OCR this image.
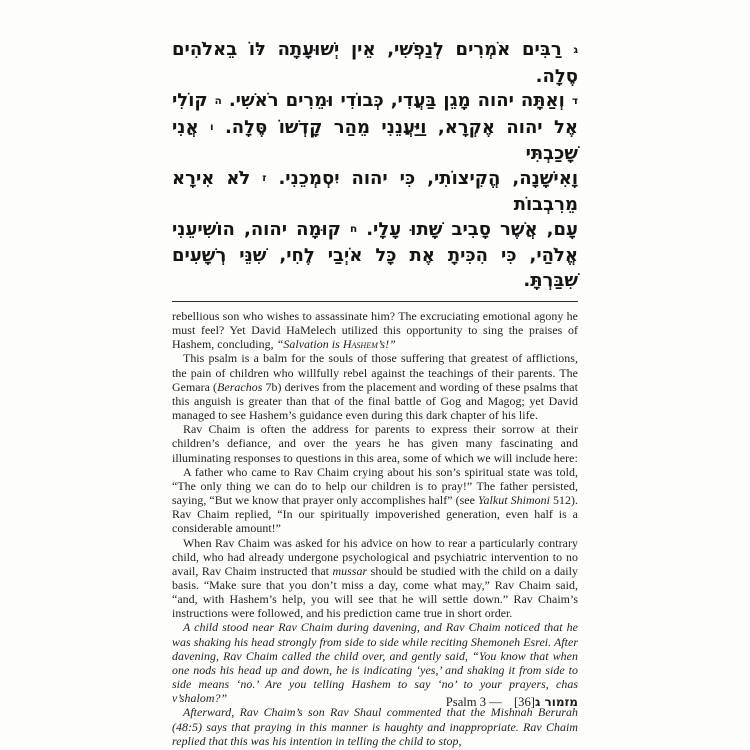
ג רַבִּים אֹמְרִים לְנַפְשִׁי, אֵין יְשׁוּעָתָה לּוֹ בֵאלֹהִים סֶלָה.
ד וְאַתָּה יהוה מָגֵן בַּעֲדִי, כְּבוֹדִי וּמֵרִים רֹאשִׁי. ה קוֹלִי
אֶל יהוה אֶקְרָא, וַיַּעֲנֵנִי מֵהַר קָדְשׁוֹ סֶּלָה. ו אֲנִי שָׁכַבְתִּי
וָאִישָׁנָה, הֱקִיצוֹתִי, כִּי יהוה יִסְמְכֵנִי. ז לֹא אִירָא מֵרִבְבוֹת
עָם, אֲשֶׁר סָבִיב שָׁתוּ עָלָי. ח קוּמָה יהוה, הוֹשִׁיעֵנִי
אֱלֹהַי, כִּי הִכִּיתָ אֶת כָּל אֹיְבַי לֶחִי, שִׁנֵּי רְשָׁעִים שִׁבַּרְתָּ.
rebellious son who wishes to assassinate him? The excruciating emotional agony he must feel? Yet David HaMelech utilized this opportunity to sing the praises of Hashem, concluding, “Salvation is Hashem’s!”
This psalm is a balm for the souls of those suffering that greatest of afflictions, the pain of children who willfully rebel against the teachings of their parents. The Gemara (Berachos 7b) derives from the placement and wording of these psalms that this anguish is greater than that of the final battle of Gog and Magog; yet David managed to see Hashem’s guidance even during this dark chapter of his life.
Rav Chaim is often the address for parents to express their sorrow at their children’s defiance, and over the years he has given many fascinating and illuminating responses to questions in this area, some of which we will include here:
A father who came to Rav Chaim crying about his son’s spiritual state was told, “The only thing we can do to help our children is to pray!” The father persisted, saying, “But we know that prayer only accomplishes half” (see Yalkut Shimoni 512). Rav Chaim replied, “In our spiritually impoverished generation, even half is a considerable amount!”
When Rav Chaim was asked for his advice on how to rear a particularly contrary child, who had already undergone psychological and psychiatric intervention to no avail, Rav Chaim instructed that mussar should be studied with the child on a daily basis. “Make sure that you don’t miss a day, come what may,” Rav Chaim said, “and, with Hashem’s help, you will see that he will settle down.” Rav Chaim’s instructions were followed, and his prediction came true in short order.
A child stood near Rav Chaim during davening, and Rav Chaim noticed that he was shaking his head strongly from side to side while reciting Shemoneh Esrei. After davening, Rav Chaim called the child over, and gently said, “You know that when one nods his head up and down, he is indicating ‘yes,’ and shaking it from side to side means ‘no.’ Are you telling Hashem to say ‘no’ to your prayers, chas v’shalom?”
Afterward, Rav Chaim’s son Rav Shaul commented that the Mishnah Berurah (48:5) says that praying in this manner is haughty and inappropriate. Rav Chaim replied that this was his intention in telling the child to stop,
Psalm 3 —	מזמור ג[36]
